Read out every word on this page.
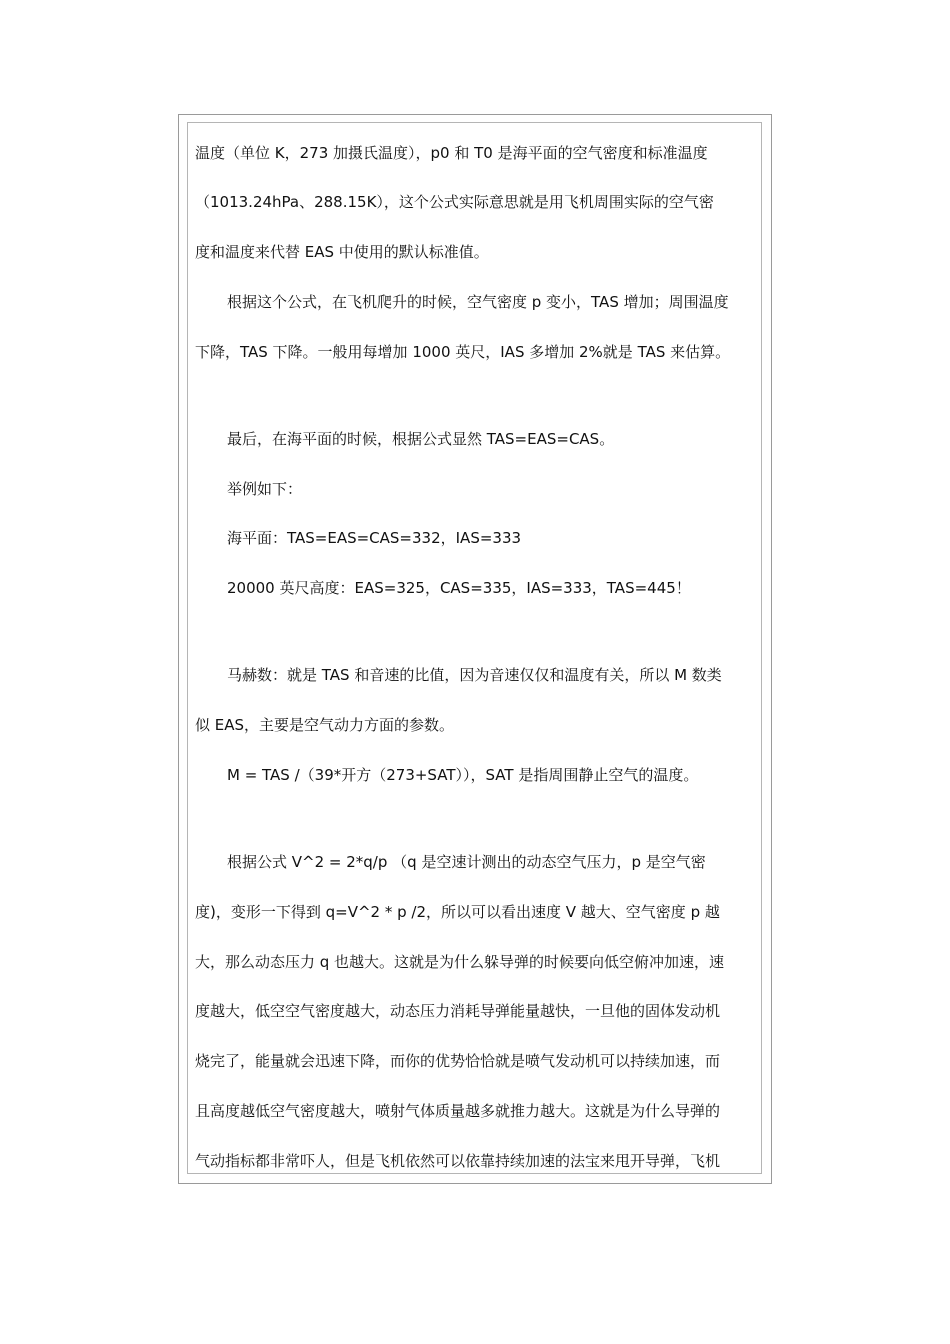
温度（单位 K，273 加摄氏温度），p0 和 T0 是海平面的空气密度和标准温度
（1013.24hPa、288.15K），这个公式实际意思就是用飞机周围实际的空气密
度和温度来代替 EAS 中使用的默认标准值。
根据这个公式，在飞机爬升的时候，空气密度 p 变小，TAS 增加；周围温度
下降，TAS 下降。一般用每增加 1000 英尺，IAS 多增加 2%就是 TAS 来估算。
最后，在海平面的时候，根据公式显然 TAS=EAS=CAS。
举例如下：
海平面：TAS=EAS=CAS=332，IAS=333
20000 英尺高度：EAS=325，CAS=335，IAS=333，TAS=445！
马赫数：就是 TAS 和音速的比值，因为音速仅仅和温度有关，所以 M 数类
似 EAS，主要是空气动力方面的参数。
M = TAS /（39*开方（273+SAT）），SAT 是指周围静止空气的温度。
根据公式 V^2 = 2*q/p （q 是空速计测出的动态空气压力，p 是空气密
度)，变形一下得到 q=V^2 * p /2，所以可以看出速度 V 越大、空气密度 p 越
大，那么动态压力 q 也越大。这就是为什么躲导弹的时候要向低空俯冲加速，速
度越大，低空空气密度越大，动态压力消耗导弹能量越快，一旦他的固体发动机
烧完了，能量就会迅速下降，而你的优势恰恰就是喷气发动机可以持续加速，而
且高度越低空气密度越大，喷射气体质量越多就推力越大。这就是为什么导弹的
气动指标都非常吓人，但是飞机依然可以依靠持续加速的法宝来甩开导弹，飞机
